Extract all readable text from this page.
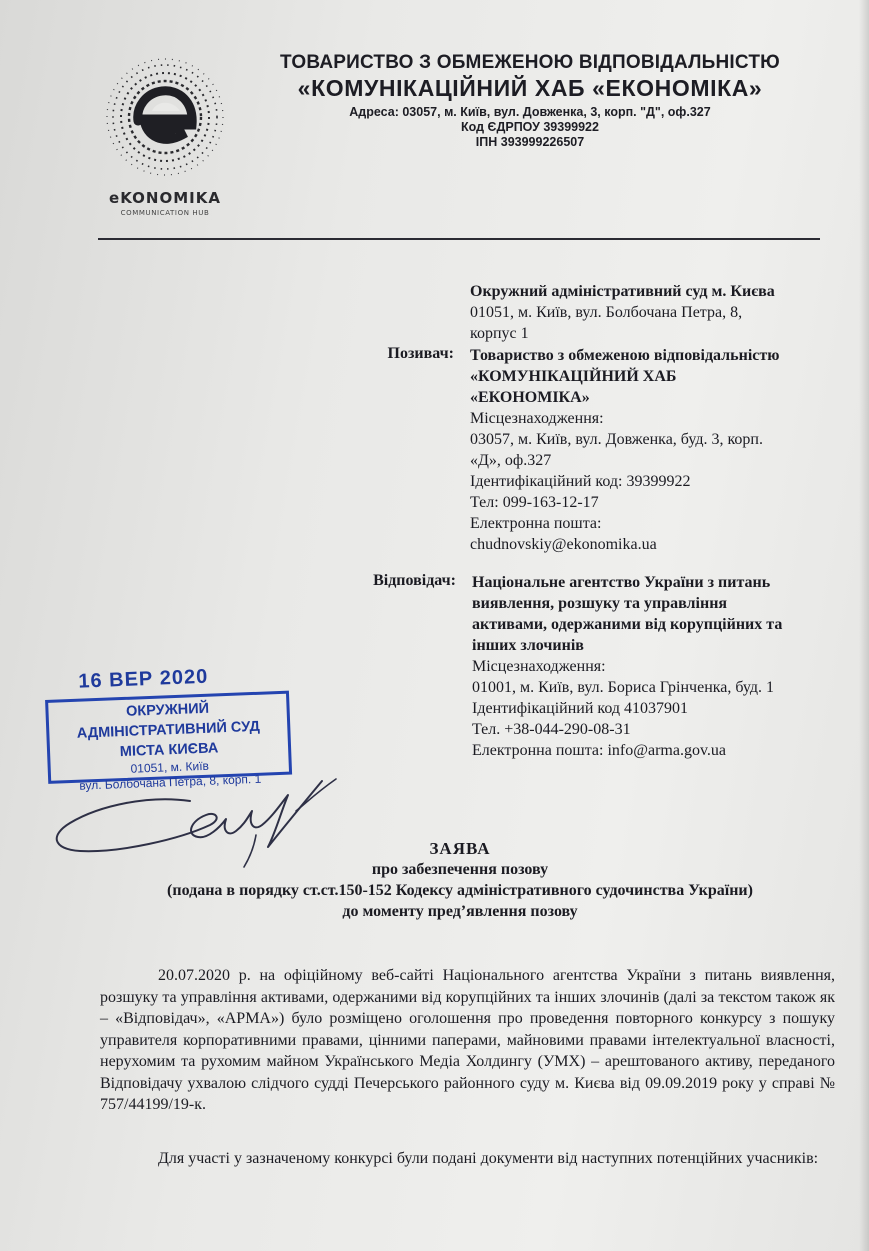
eKONOMIKA
COMMUNICATION HUB
ТОВАРИСТВО З ОБМЕЖЕНОЮ ВІДПОВІДАЛЬНІСТЮ
«КОМУНІКАЦІЙНИЙ ХАБ «ЕКОНОМІКА»
Адреса: 03057, м. Київ, вул. Довженка, 3, корп. "Д", оф.327
Код ЄДРПОУ 39399922
ІПН 393999226507
Окружний адміністративний суд м. Києва
01051, м. Київ, вул. Болбочана Петра, 8,
корпус 1
Позивач: Товариство з обмеженою відповідальністю
«КОМУНІКАЦІЙНИЙ ХАБ
«ЕКОНОМІКА»
Місцезнаходження:
03057, м. Київ, вул. Довженка, буд. 3, корп.
«Д», оф.327
Ідентифікаційний код: 39399922
Тел: 099-163-12-17
Електронна пошта:
chudnovskiy@ekonomika.ua
Відповідач: Національне агентство України з питань
виявлення, розшуку та управління
активами, одержаними від корупційних та
інших злочинів
Місцезнаходження:
01001, м. Київ, вул. Бориса Грінченка, буд. 1
Ідентифікаційний код 41037901
Тел. +38-044-290-08-31
Електронна пошта: info@arma.gov.ua
16 ВЕР 2020
ОКРУЖНИЙ
АДМІНІСТРАТИВНИЙ СУД
МІСТА КИЄВА
01051, м. Київ
вул. Болбочана Петра, 8, корп. 1
ЗАЯВА
про забезпечення позову
(подана в порядку ст.ст.150-152 Кодексу адміністративного судочинства України)
до моменту пред’явлення позову
20.07.2020 р. на офіційному веб-сайті Національного агентства України з питань виявлення, розшуку та управління активами, одержаними від корупційних та інших злочинів (далі за текстом також як – «Відповідач», «АРМА») було розміщено оголошення про проведення повторного конкурсу з пошуку управителя корпоративними правами, цінними паперами, майновими правами інтелектуальної власності, нерухомим та рухомим майном Українського Медіа Холдингу (УМХ) – арештованого активу, переданого Відповідачу ухвалою слідчого судді Печерського районного суду м. Києва від 09.09.2019 року у справі № 757/44199/19-к.
Для участі у зазначеному конкурсі були подані документи від наступних потенційних учасників:
